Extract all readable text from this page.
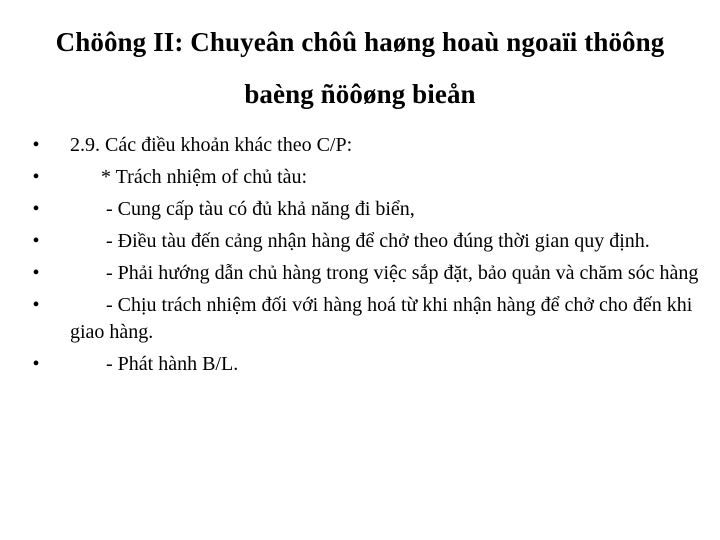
Chöông II: Chuyeân chôû haøng hoaù ngoaïi thöông
baèng ñöôøng bieån
• 2.9. Các điều khoản khác theo C/P:
•	* Trách nhiệm of chủ tàu:
•	- Cung cấp tàu có đủ khả năng đi biển,
•	- Điều tàu đến cảng nhận hàng để chở theo đúng thời gian quy định.
•	- Phải hướng dẫn chủ hàng trong việc sắp đặt, bảo quản và chăm sóc hàng
•	- Chịu trách nhiệm đối với hàng hoá từ khi nhận hàng để chở cho đến khi giao hàng.
•	- Phát hành B/L.
